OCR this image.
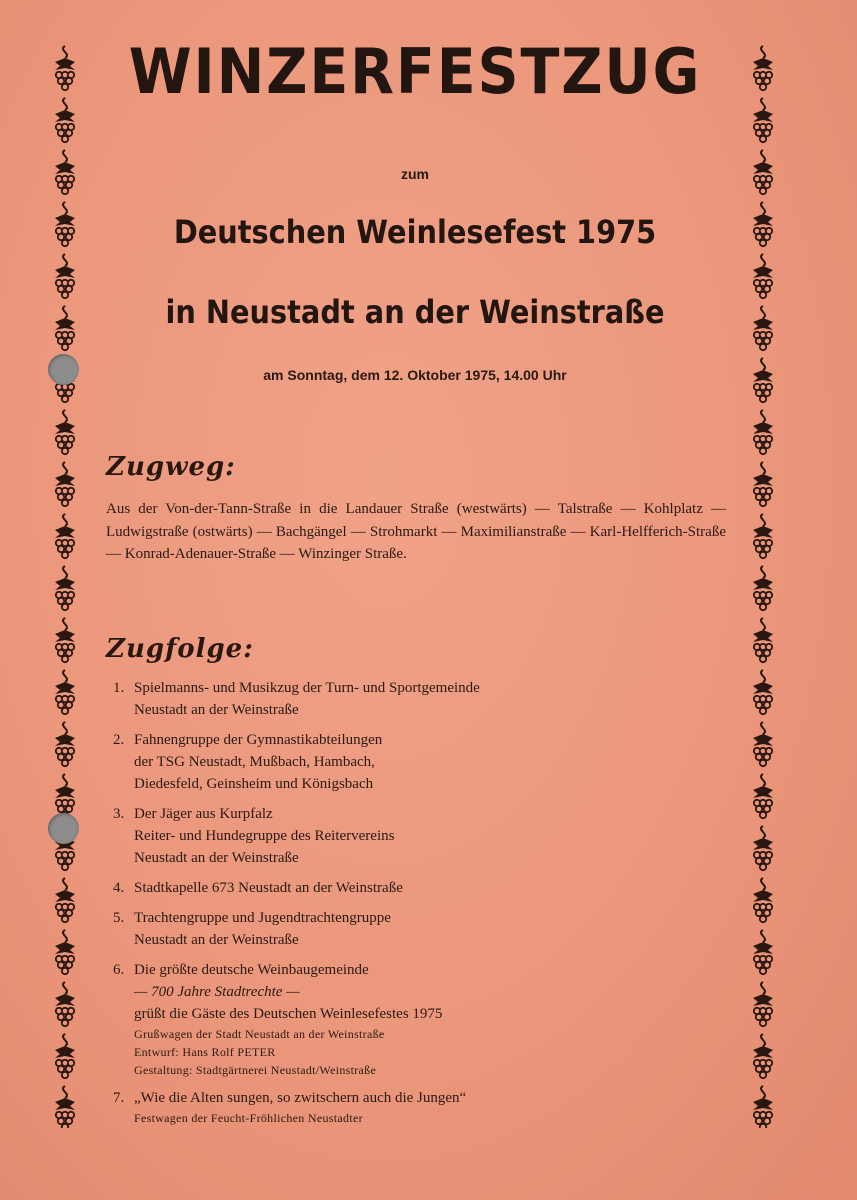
WINZERFESTZUG
zum
Deutschen Weinlesefest 1975
in Neustadt an der Weinstraße
am Sonntag, dem 12. Oktober 1975, 14.00 Uhr
Zugweg:
Aus der Von-der-Tann-Straße in die Landauer Straße (westwärts) — Talstraße — Kohlplatz — Ludwigstraße (ostwärts) — Bachgängel — Strohmarkt — Maximilianstraße — Karl-Helfferich-Straße — Konrad-Adenauer-Straße — Winzinger Straße.
Zugfolge:
1. Spielmanns- und Musikzug der Turn- und Sportgemeinde
Neustadt an der Weinstraße
2. Fahnengruppe der Gymnastikabteilungen
der TSG Neustadt, Mußbach, Hambach,
Diedesfeld, Geinsheim und Königsbach
3. Der Jäger aus Kurpfalz
Reiter- und Hundegruppe des Reitervereins
Neustadt an der Weinstraße
4. Stadtkapelle 673 Neustadt an der Weinstraße
5. Trachtengruppe und Jugendtrachtengruppe
Neustadt an der Weinstraße
6. Die größte deutsche Weinbaugemeinde
— 700 Jahre Stadtrechte —
grüßt die Gäste des Deutschen Weinlesefestes 1975
Grußwagen der Stadt Neustadt an der Weinstraße
Entwurf: Hans Rolf PETER
Gestaltung: Stadtgärtnerei Neustadt/Weinstraße
7. „Wie die Alten sungen, so zwitschern auch die Jungen“
Festwagen der Feucht-Fröhlichen Neustadter
